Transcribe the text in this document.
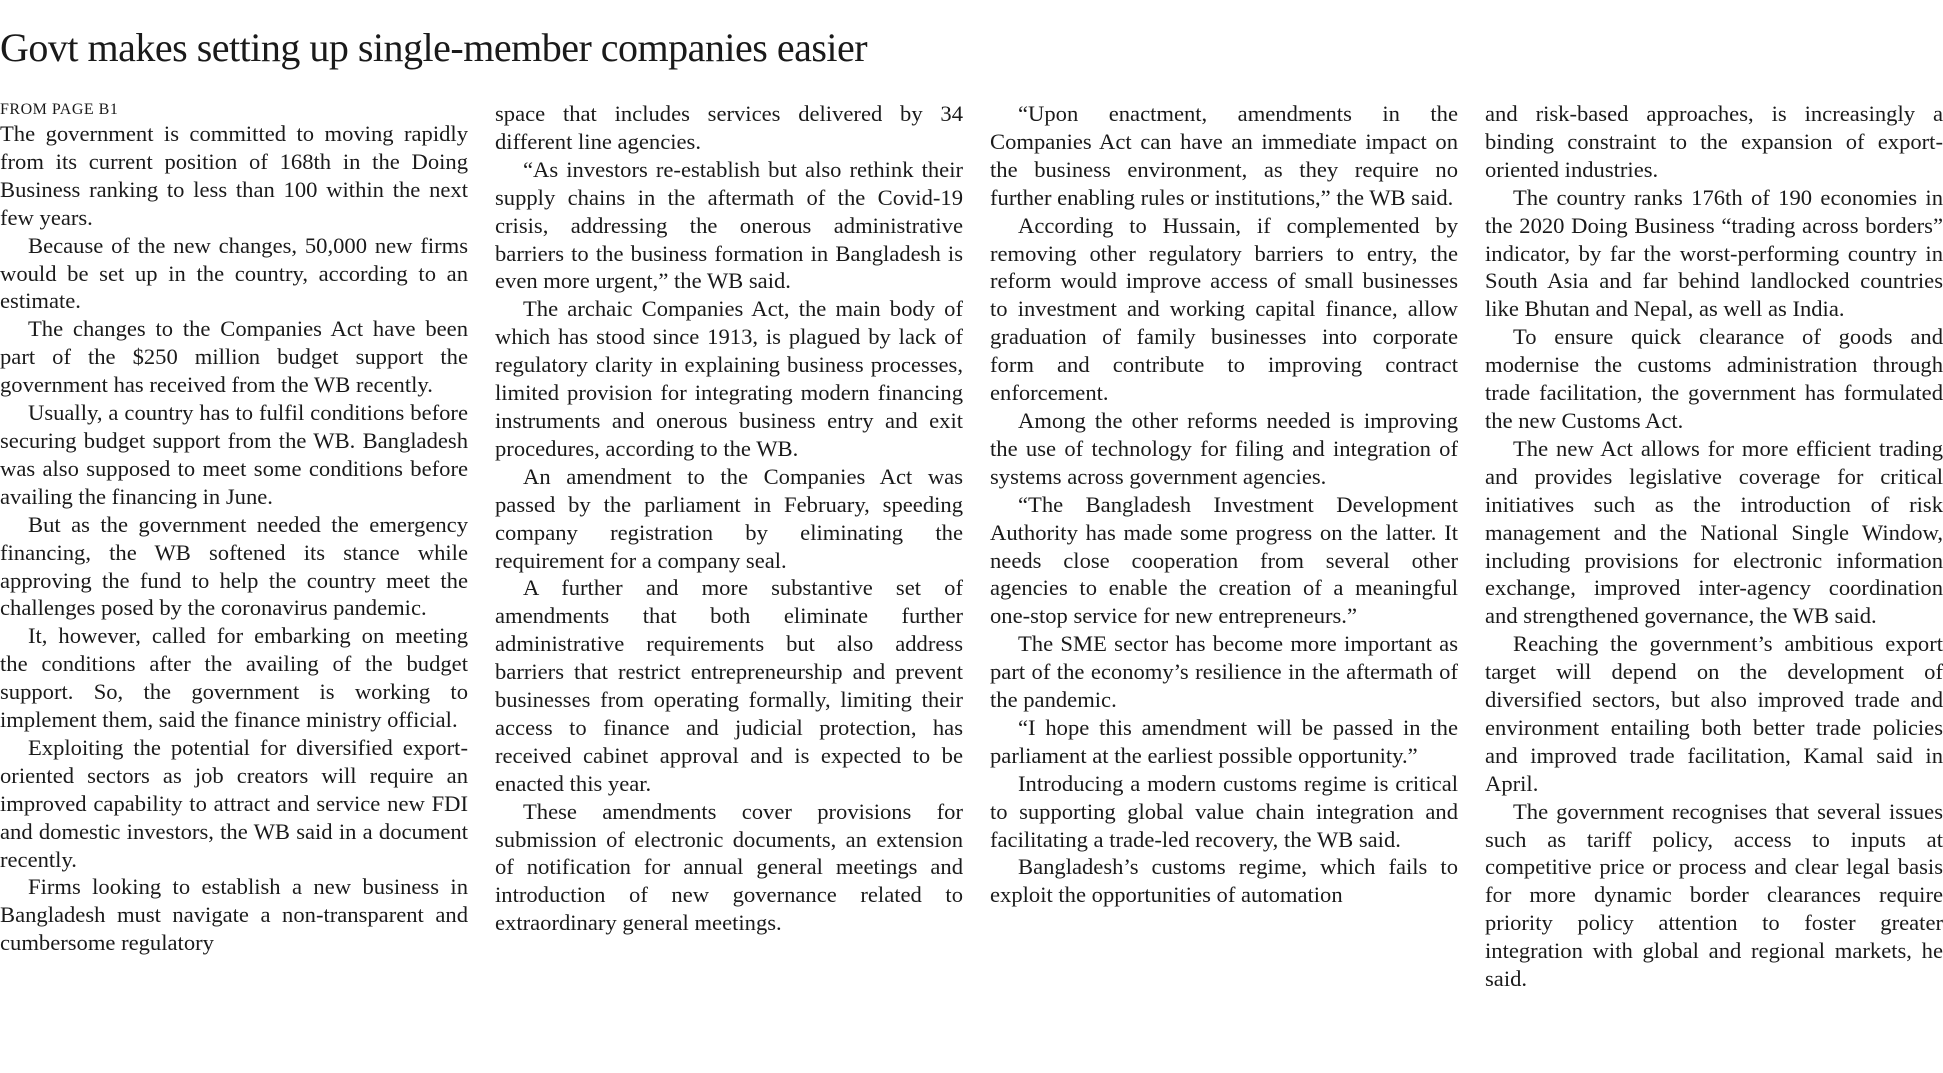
Govt makes setting up single-member companies easier
FROM PAGE B1

The government is committed to moving rapidly from its current position of 168th in the Doing Business ranking to less than 100 within the next few years.

Because of the new changes, 50,000 new firms would be set up in the country, according to an estimate.

The changes to the Companies Act have been part of the $250 million budget support the government has received from the WB recently.

Usually, a country has to fulfil conditions before securing budget support from the WB. Bangladesh was also supposed to meet some conditions before availing the financing in June.

But as the government needed the emergency financing, the WB softened its stance while approving the fund to help the country meet the challenges posed by the coronavirus pandemic.

It, however, called for embarking on meeting the conditions after the availing of the budget support. So, the government is working to implement them, said the finance ministry official.

Exploiting the potential for diversified export-oriented sectors as job creators will require an improved capability to attract and service new FDI and domestic investors, the WB said in a document recently.

Firms looking to establish a new business in Bangladesh must navigate a non-transparent and cumbersome regulatory

space that includes services delivered by 34 different line agencies.

“As investors re-establish but also rethink their supply chains in the aftermath of the Covid-19 crisis, addressing the onerous administrative barriers to the business formation in Bangladesh is even more urgent,” the WB said.

The archaic Companies Act, the main body of which has stood since 1913, is plagued by lack of regulatory clarity in explaining business processes, limited provision for integrating modern financing instruments and onerous business entry and exit procedures, according to the WB.

An amendment to the Companies Act was passed by the parliament in February, speeding company registration by eliminating the requirement for a company seal.

A further and more substantive set of amendments that both eliminate further administrative requirements but also address barriers that restrict entrepreneurship and prevent businesses from operating formally, limiting their access to finance and judicial protection, has received cabinet approval and is expected to be enacted this year.

These amendments cover provisions for submission of electronic documents, an extension of notification for annual general meetings and introduction of new governance related to extraordinary general meetings.

“Upon enactment, amendments in the Companies Act can have an immediate impact on the business environment, as they require no further enabling rules or institutions,” the WB said.

According to Hussain, if complemented by removing other regulatory barriers to entry, the reform would improve access of small businesses to investment and working capital finance, allow graduation of family businesses into corporate form and contribute to improving contract enforcement.

Among the other reforms needed is improving the use of technology for filing and integration of systems across government agencies.

“The Bangladesh Investment Development Authority has made some progress on the latter. It needs close cooperation from several other agencies to enable the creation of a meaningful one-stop service for new entrepreneurs.”

The SME sector has become more important as part of the economy’s resilience in the aftermath of the pandemic.

“I hope this amendment will be passed in the parliament at the earliest possible opportunity.”

Introducing a modern customs regime is critical to supporting global value chain integration and facilitating a trade-led recovery, the WB said.

Bangladesh’s customs regime, which fails to exploit the opportunities of automation

and risk-based approaches, is increasingly a binding constraint to the expansion of export-oriented industries.

The country ranks 176th of 190 economies in the 2020 Doing Business “trading across borders” indicator, by far the worst-performing country in South Asia and far behind landlocked countries like Bhutan and Nepal, as well as India.

To ensure quick clearance of goods and modernise the customs administration through trade facilitation, the government has formulated the new Customs Act.

The new Act allows for more efficient trading and provides legislative coverage for critical initiatives such as the introduction of risk management and the National Single Window, including provisions for electronic information exchange, improved inter-agency coordination and strengthened governance, the WB said.

Reaching the government’s ambitious export target will depend on the development of diversified sectors, but also improved trade and environment entailing both better trade policies and improved trade facilitation, Kamal said in April.

The government recognises that several issues such as tariff policy, access to inputs at competitive price or process and clear legal basis for more dynamic border clearances require priority policy attention to foster greater integration with global and regional markets, he said.
